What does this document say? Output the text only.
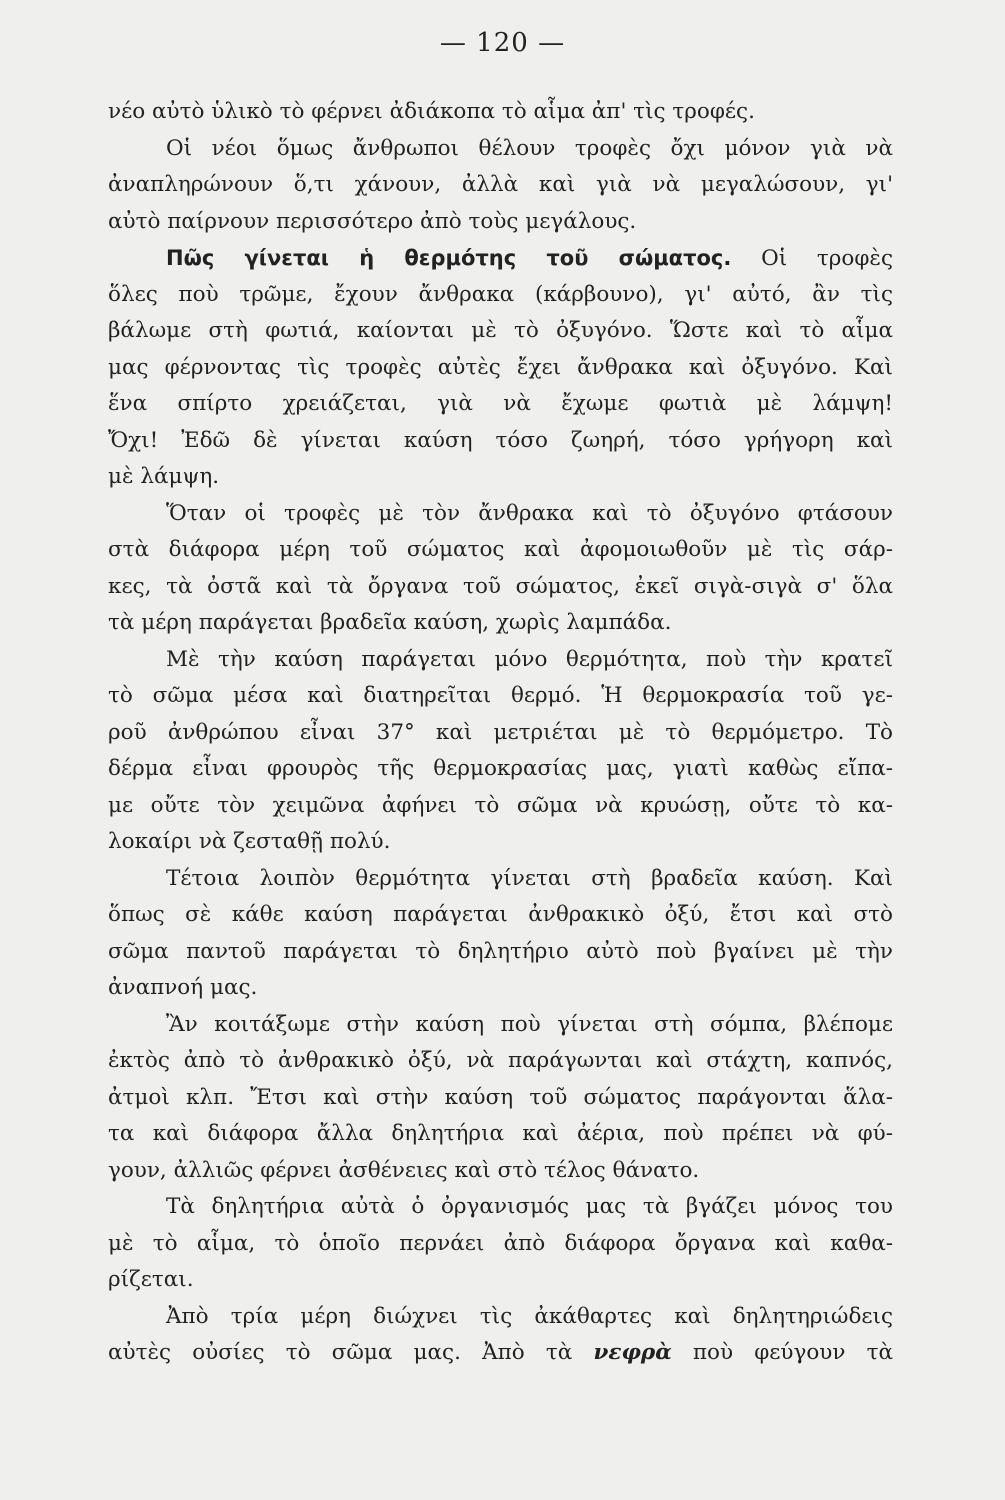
— 120 —
νέο αὐτὸ ὑλικὸ τὸ φέρνει ἀδιάκοπα τὸ αἷμα ἀπ' τὶς τροφές.
Οἱ νέοι ὅμως ἄνθρωποι θέλουν τροφὲς ὄχι μόνον γιὰ νὰ
ἀναπληρώνουν ὅ,τι χάνουν, ἀλλὰ καὶ γιὰ νὰ μεγαλώσουν, γι'
αὐτὸ παίρνουν περισσότερο ἀπὸ τοὺς μεγάλους.
Πῶς γίνεται ἡ θερμότης τοῦ σώματος. Οἱ τροφὲς
ὅλες ποὺ τρῶμε, ἔχουν ἄνθρακα (κάρβουνο), γι' αὐτό, ἂν τὶς
βάλωμε στὴ φωτιά, καίονται μὲ τὸ ὀξυγόνο. Ὥστε καὶ τὸ αἷμα
μας φέρνοντας τὶς τροφὲς αὐτὲς ἔχει ἄνθρακα καὶ ὀξυγόνο. Καὶ
ἕνα σπίρτο χρειάζεται, γιὰ νὰ ἔχωμε φωτιὰ μὲ λάμψη!
Ὄχι! Ἐδῶ δὲ γίνεται καύση τόσο ζωηρή, τόσο γρήγορη καὶ
μὲ λάμψη.
Ὅταν οἱ τροφὲς μὲ τὸν ἄνθρακα καὶ τὸ ὀξυγόνο φτάσουν
στὰ διάφορα μέρη τοῦ σώματος καὶ ἀφομοιωθοῦν μὲ τὶς σάρ-
κες, τὰ ὀστᾶ καὶ τὰ ὄργανα τοῦ σώματος, ἐκεῖ σιγὰ-σιγὰ σ' ὅλα
τὰ μέρη παράγεται βραδεῖα καύση, χωρὶς λαμπάδα.
Μὲ τὴν καύση παράγεται μόνο θερμότητα, ποὺ τὴν κρατεῖ
τὸ σῶμα μέσα καὶ διατηρεῖται θερμό. Ἡ θερμοκρασία τοῦ γε-
ροῦ ἀνθρώπου εἶναι 37° καὶ μετριέται μὲ τὸ θερμόμετρο. Τὸ
δέρμα εἶναι φρουρὸς τῆς θερμοκρασίας μας, γιατὶ καθὼς εἴπα-
με οὔτε τὸν χειμῶνα ἀφήνει τὸ σῶμα νὰ κρυώσῃ, οὔτε τὸ κα-
λοκαίρι νὰ ζεσταθῇ πολύ.
Τέτοια λοιπὸν θερμότητα γίνεται στὴ βραδεῖα καύση. Καὶ
ὅπως σὲ κάθε καύση παράγεται ἀνθρακικὸ ὀξύ, ἔτσι καὶ στὸ
σῶμα παντοῦ παράγεται τὸ δηλητήριο αὐτὸ ποὺ βγαίνει μὲ τὴν
ἀναπνοή μας.
Ἂν κοιτάξωμε στὴν καύση ποὺ γίνεται στὴ σόμπα, βλέπομε
ἐκτὸς ἀπὸ τὸ ἀνθρακικὸ ὀξύ, νὰ παράγωνται καὶ στάχτη, καπνός,
ἀτμοὶ κλπ. Ἔτσι καὶ στὴν καύση τοῦ σώματος παράγονται ἅλα-
τα καὶ διάφορα ἄλλα δηλητήρια καὶ ἀέρια, ποὺ πρέπει νὰ φύ-
γουν, ἀλλιῶς φέρνει ἀσθένειες καὶ στὸ τέλος θάνατο.
Τὰ δηλητήρια αὐτὰ ὁ ὀργανισμός μας τὰ βγάζει μόνος του
μὲ τὸ αἷμα, τὸ ὁποῖο περνάει ἀπὸ διάφορα ὄργανα καὶ καθα-
ρίζεται.
Ἀπὸ τρία μέρη διώχνει τὶς ἀκάθαρτες καὶ δηλητηριώδεις
αὐτὲς οὐσίες τὸ σῶμα μας. Ἀπὸ τὰ νεφρὰ ποὺ φεύγουν τὰ
